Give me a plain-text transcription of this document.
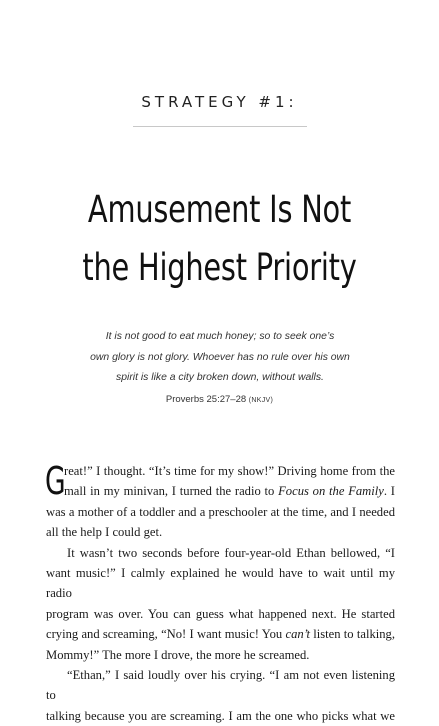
STRATEGY #1:
Amusement Is Not
the Highest Priority
It is not good to eat much honey; so to seek one’s
own glory is not glory. Whoever has no rule over his own
spirit is like a city broken down, without walls.
Proverbs 25:27–28 (NKJV)
G
reat!” I thought. “It’s time for my show!” Driving home from the
mall in my minivan, I turned the radio to Focus on the Family. I
was a mother of a toddler and a preschooler at the time, and I needed
all the help I could get.
It wasn’t two seconds before four-year-old Ethan bellowed, “I
want music!” I calmly explained he would have to wait until my radio
program was over. You can guess what happened next. He started
crying and screaming, “No! I want music! You can’t listen to talking,
Mommy!” The more I drove, the more he screamed.
“Ethan,” I said loudly over his crying. “I am not even listening to
talking because you are screaming. I am the one who picks what we
